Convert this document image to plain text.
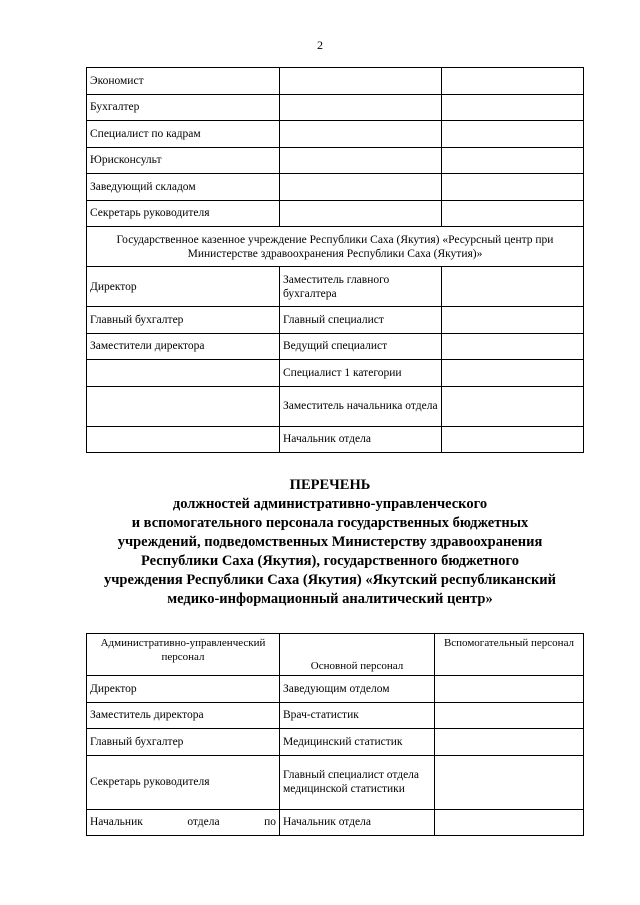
2
Экономист		
Бухгалтер		
Специалист по кадрам		
Юрисконсульт		
Заведующий складом		
Секретарь руководителя		
Государственное казенное учреждение Республики Саха (Якутия) «Ресурсный центр при Министерстве здравоохранения Республики Саха (Якутия)»		
Директор	Заместитель главного бухгалтера	
Главный бухгалтер	Главный специалист	
Заместители директора	Ведущий специалист	
	Специалист 1 категории	
	Заместитель начальника отдела	
	Начальник отдела	
ПЕРЕЧЕНЬ
должностей административно-управленческого
и вспомогательного персонала государственных бюджетных
учреждений, подведомственных Министерству здравоохранения
Республики Саха (Якутия), государственного бюджетного
учреждения Республики Саха (Якутия) «Якутский республиканский
медико-информационный аналитический центр»
Административно-управленческий персонал	Основной персонал	Вспомогательный персонал
Директор	Заведующим отделом	
Заместитель директора	Врач-статистик	
Главный бухгалтер	Медицинский статистик	
Секретарь руководителя	Главный специалист отдела медицинской статистики	

Начальник отдела по	Начальник отдела	
